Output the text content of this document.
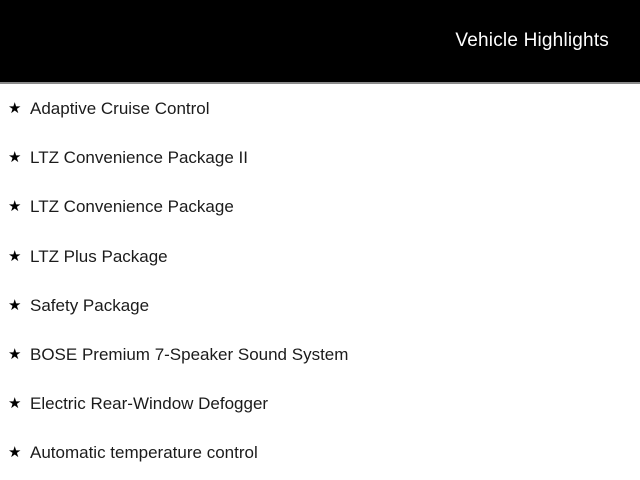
Vehicle Highlights
★ Adaptive Cruise Control
★ LTZ Convenience Package II
★ LTZ Convenience Package
★ LTZ Plus Package
★ Safety Package
★ BOSE Premium 7-Speaker Sound System
★ Electric Rear-Window Defogger
★ Automatic temperature control
